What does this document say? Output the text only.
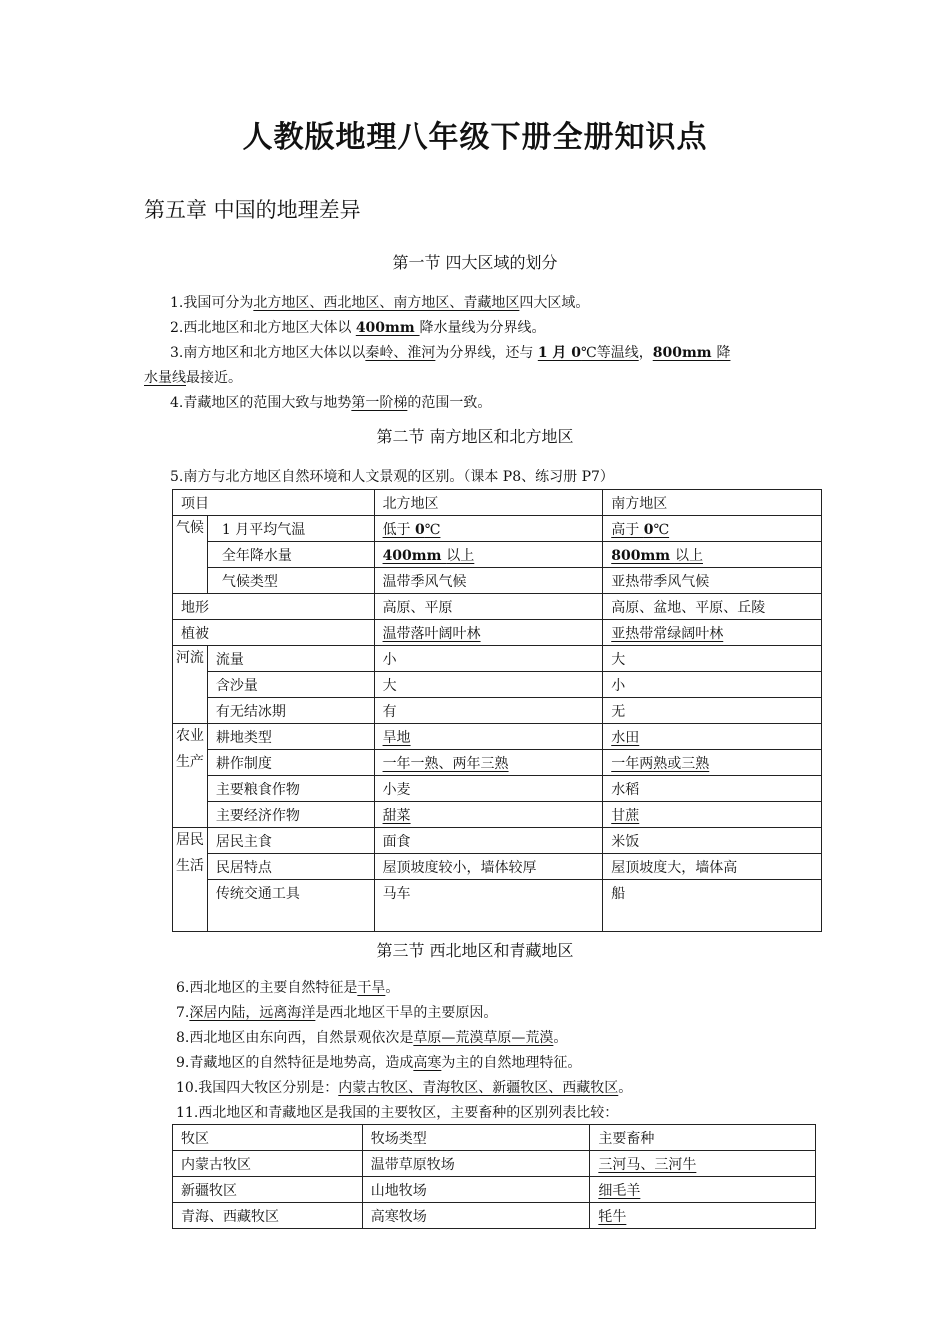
人教版地理八年级下册全册知识点
第五章 中国的地理差异
第一节 四大区域的划分
1.我国可分为北方地区、西北地区、南方地区、青藏地区四大区域。
2.西北地区和北方地区大体以 400mm 降水量线为分界线。
3.南方地区和北方地区大体以以秦岭、淮河为分界线，还与 1 月 0℃等温线，800mm 降
水量线最接近。
4.青藏地区的范围大致与地势第一阶梯的范围一致。
第二节 南方地区和北方地区
5.南方与北方地区自然环境和人文景观的区别。（课本 P8、练习册 P7）
项目		北方地区	南方地区
气候	1 月平均气温	低于 0℃	高于 0℃
	全年降水量	400mm 以上	800mm 以上
	气候类型	温带季风气候	亚热带季风气候
地形		高原、平原	高原、盆地、平原、丘陵
植被		温带落叶阔叶林	亚热带常绿阔叶林
河流	流量	小	大
	含沙量	大	小
	有无结冰期	有	无
农业生产	耕地类型	旱地	水田
	耕作制度	一年一熟、两年三熟	一年两熟或三熟
	主要粮食作物	小麦	水稻
	主要经济作物	甜菜	甘蔗
居民生活	居民主食	面食	米饭
	民居特点	屋顶坡度较小，墙体较厚	屋顶坡度大，墙体高
	传统交通工具	马车	船
第三节 西北地区和青藏地区
6.西北地区的主要自然特征是干旱。
7.深居内陆，远离海洋是西北地区干旱的主要原因。
8.西北地区由东向西，自然景观依次是草原—荒漠草原—荒漠。
9.青藏地区的自然特征是地势高，造成高寒为主的自然地理特征。
10.我国四大牧区分别是：内蒙古牧区、青海牧区、新疆牧区、西藏牧区。
11.西北地区和青藏地区是我国的主要牧区，主要畜种的区别列表比较：
牧区	牧场类型	主要畜种
内蒙古牧区	温带草原牧场	三河马、三河牛
新疆牧区	山地牧场	细毛羊
青海、西藏牧区	高寒牧场	牦牛
